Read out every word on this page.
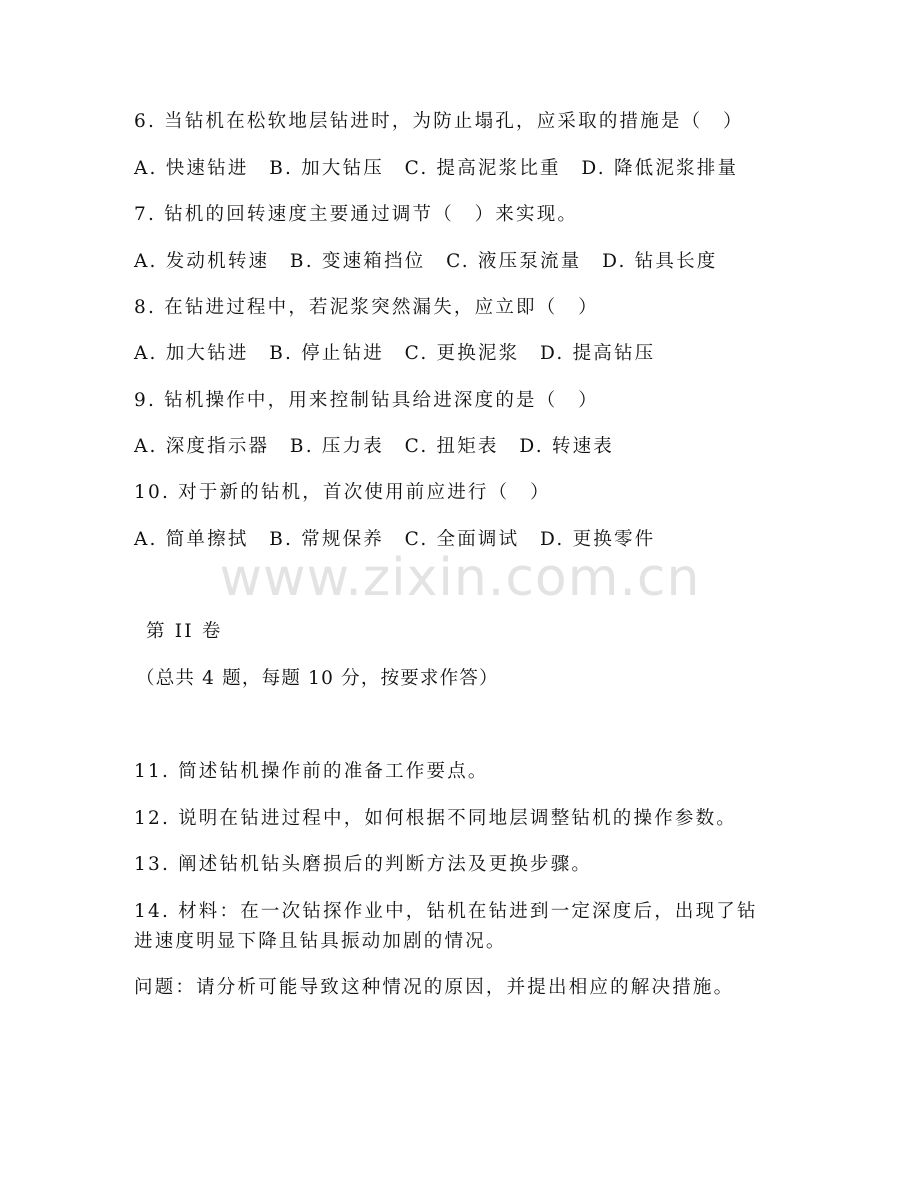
6. 当钻机在松软地层钻进时，为防止塌孔，应采取的措施是（　）
A. 快速钻进　B. 加大钻压　C. 提高泥浆比重　D. 降低泥浆排量
7. 钻机的回转速度主要通过调节（　）来实现。
A. 发动机转速　B. 变速箱挡位　C. 液压泵流量　D. 钻具长度
8. 在钻进过程中，若泥浆突然漏失，应立即（　）
A. 加大钻进　B. 停止钻进　C. 更换泥浆　D. 提高钻压
9. 钻机操作中，用来控制钻具给进深度的是（　）
A. 深度指示器　B. 压力表　C. 扭矩表　D. 转速表
10. 对于新的钻机，首次使用前应进行（　）
A. 简单擦拭　B. 常规保养　C. 全面调试　D. 更换零件
www.zixin.com.cn
第 II 卷
（总共 4 题，每题 10 分，按要求作答）
11. 简述钻机操作前的准备工作要点。
12. 说明在钻进过程中，如何根据不同地层调整钻机的操作参数。
13. 阐述钻机钻头磨损后的判断方法及更换步骤。
14. 材料：在一次钻探作业中，钻机在钻进到一定深度后，出现了钻
进速度明显下降且钻具振动加剧的情况。
问题：请分析可能导致这种情况的原因，并提出相应的解决措施。
